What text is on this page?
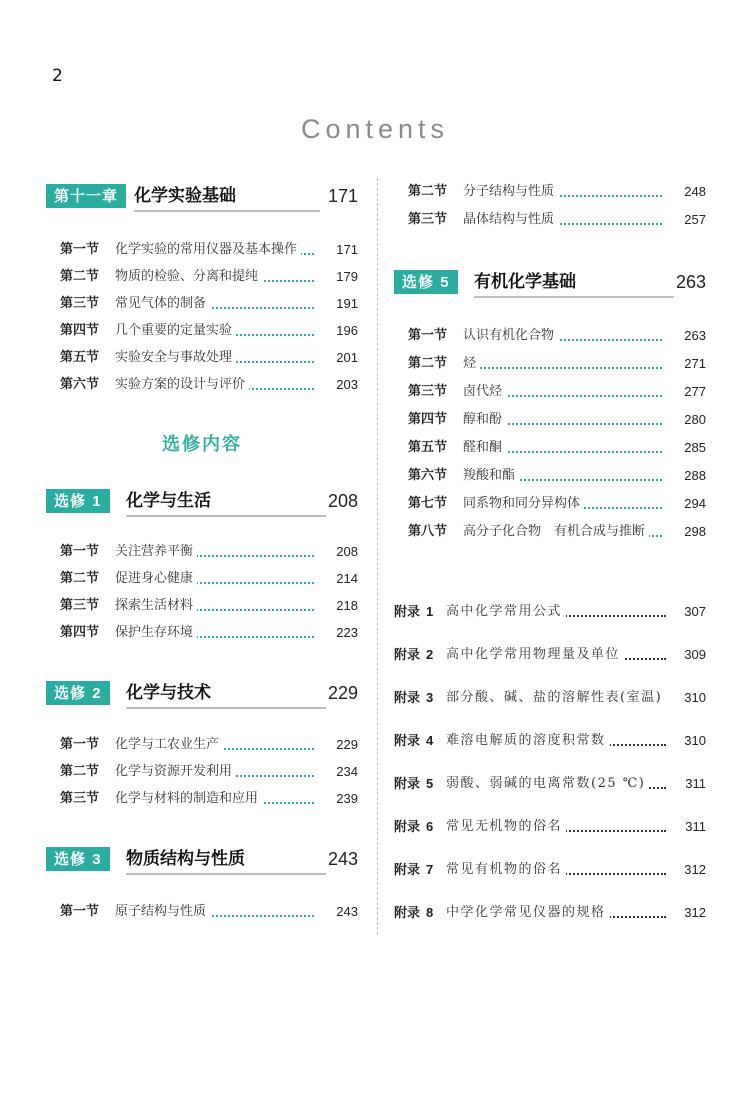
2
Contents
第十一章 化学实验基础	171
第一节 化学实验的常用仪器及基本操作	171
第二节 物质的检验、分离和提纯	179
第三节 常见气体的制备	191
第四节 几个重要的定量实验	196
第五节 实验安全与事故处理	201
第六节 实验方案的设计与评价	203
选修内容
选修 1	化学与生活	208
第一节 关注营养平衡	208
第二节 促进身心健康	214
第三节 探索生活材料	218
第四节 保护生存环境	223
选修 2	化学与技术	229
第一节 化学与工农业生产	229
第二节 化学与资源开发利用	234
第三节 化学与材料的制造和应用	239
选修 3	物质结构与性质	243
第一节 原子结构与性质	243
第二节 分子结构与性质	248
第三节 晶体结构与性质	257
选修 5	有机化学基础	263
第一节 认识有机化合物	263
第二节 烃	271
第三节 卤代烃	277
第四节 醇和酚	280
第五节 醛和酮	285
第六节 羧酸和酯	288
第七节 同系物和同分异构体	294
第八节 高分子化合物　有机合成与推断	298
附录 1 高中化学常用公式	307
附录 2 高中化学常用物理量及单位	309
附录 3 部分酸、碱、盐的溶解性表(室温)	310
附录 4 难溶电解质的溶度积常数	310
附录 5 弱酸、弱碱的电离常数(25 ℃)	311
附录 6 常见无机物的俗名	311
附录 7 常见有机物的俗名	312
附录 8 中学化学常见仪器的规格	312
